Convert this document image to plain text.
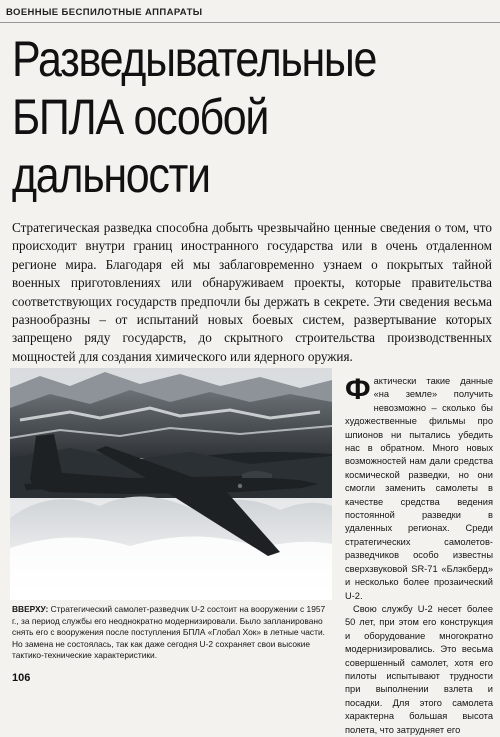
ВОЕННЫЕ БЕСПИЛОТНЫЕ АППАРАТЫ
Разведывательные
БПЛА особой
дальности

Стратегическая разведка способна добыть чрезвычайно ценные сведения о том, что происходит внутри границ иностранного государства или в очень отдаленном регионе мира. Благодаря ей мы заблаговременно узнаем о покрытых тайной военных приготовлениях или обнаруживаем проекты, которые правительства соответствующих государств предпочли бы держать в секрете. Эти сведения весьма разнообразны – от испытаний новых боевых систем, развертывание которых запрещено ряду государств, до скрытного строительства производственных мощностей для создания химического или ядерного оружия.

ВВЕРХУ: Стратегический самолет-разведчик U-2 состоит на вооружении с 1957 г., за период службы его неоднократно модернизировали. Было запланировано снять его с вооружения после поступления БПЛА «Глобал Хок» в летные части. Но замена не состоялась, так как даже сегодня U-2 сохраняет свои высокие тактико-технические характеристики.

Фактически такие данные «на земле» получить невозможно – сколько бы художественные фильмы про шпионов ни пытались убедить нас в обратном. Много новых возможностей нам дали средства космической разведки, но они смогли заменить самолеты в качестве средства ведения постоянной разведки в удаленных регионах. Среди стратегических самолетов-разведчиков особо известны сверхзвуковой SR-71 «Блэкберд» и несколько более прозаический U-2.

Свою службу U-2 несет более 50 лет, при этом его конструкция и оборудование многократно модернизировались. Это весьма совершенный самолет, хотя его пилоты испытывают трудности при выполнении взлета и посадки. Для этого самолета характерна большая высота полета, что затрудняет его

106
